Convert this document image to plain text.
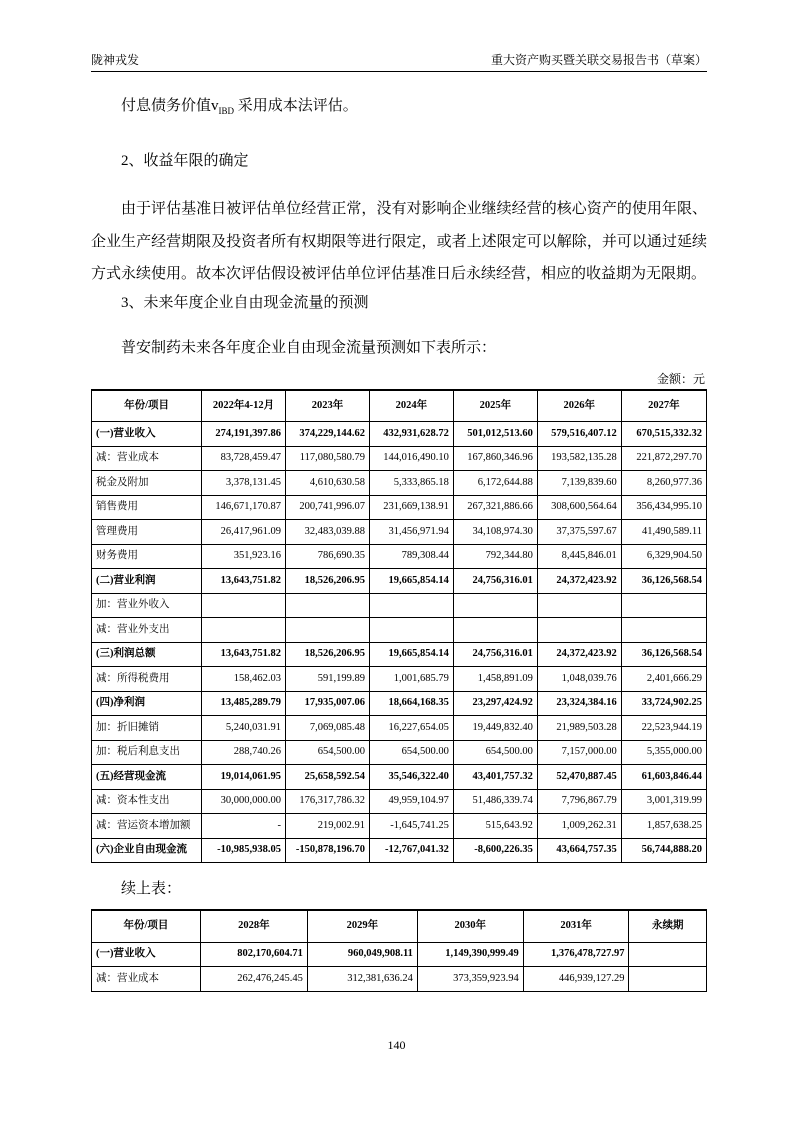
陇神戎发	重大资产购买暨关联交易报告书（草案）

付息债务价值$v_{IBD}$ 采用成本法评估。

2、收益年限的确定

由于评估基准日被评估单位经营正常，没有对影响企业继续经营的核心资产的使用年限、企业生产经营期限及投资者所有权期限等进行限定，或者上述限定可以解除，并可以通过延续方式永续使用。故本次评估假设被评估单位评估基准日后永续经营，相应的收益期为无限期。

3、未来年度企业自由现金流量的预测

普安制药未来各年度企业自由现金流量预测如下表所示：

金额：元
年份/项目	2022年4-12月	2023年	2024年	2025年	2026年	2027年
(一)营业收入	274,191,397.86	374,229,144.62	432,931,628.72	501,012,513.60	579,516,407.12	670,515,332.32
减：营业成本	83,728,459.47	117,080,580.79	144,016,490.10	167,860,346.96	193,582,135.28	221,872,297.70
税金及附加	3,378,131.45	4,610,630.58	5,333,865.18	6,172,644.88	7,139,839.60	8,260,977.36
销售费用	146,671,170.87	200,741,996.07	231,669,138.91	267,321,886.66	308,600,564.64	356,434,995.10
管理费用	26,417,961.09	32,483,039.88	31,456,971.94	34,108,974.30	37,375,597.67	41,490,589.11
财务费用	351,923.16	786,690.35	789,308.44	792,344.80	8,445,846.01	6,329,904.50
(二)营业利润	13,643,751.82	18,526,206.95	19,665,854.14	24,756,316.01	24,372,423.92	36,126,568.54
加：营业外收入						
减：营业外支出						
(三)利润总额	13,643,751.82	18,526,206.95	19,665,854.14	24,756,316.01	24,372,423.92	36,126,568.54
减：所得税费用	158,462.03	591,199.89	1,001,685.79	1,458,891.09	1,048,039.76	2,401,666.29
(四)净利润	13,485,289.79	17,935,007.06	18,664,168.35	23,297,424.92	23,324,384.16	33,724,902.25
加：折旧摊销	5,240,031.91	7,069,085.48	16,227,654.05	19,449,832.40	21,989,503.28	22,523,944.19
加：税后利息支出	288,740.26	654,500.00	654,500.00	654,500.00	7,157,000.00	5,355,000.00
(五)经营现金流	19,014,061.95	25,658,592.54	35,546,322.40	43,401,757.32	52,470,887.45	61,603,846.44
减：资本性支出	30,000,000.00	176,317,786.32	49,959,104.97	51,486,339.74	7,796,867.79	3,001,319.99
减：营运资本增加额	-	219,002.91	-1,645,741.25	515,643.92	1,009,262.31	1,857,638.25
(六)企业自由现金流	-10,985,938.05	-150,878,196.70	-12,767,041.32	-8,600,226.35	43,664,757.35	56,744,888.20

续上表：

年份/项目	2028年	2029年	2030年	2031年	永续期
(一)营业收入	802,170,604.71	960,049,908.11	1,149,390,999.49	1,376,478,727.97	
减：营业成本	262,476,245.45	312,381,636.24	373,359,923.94	446,939,127.29	
140
